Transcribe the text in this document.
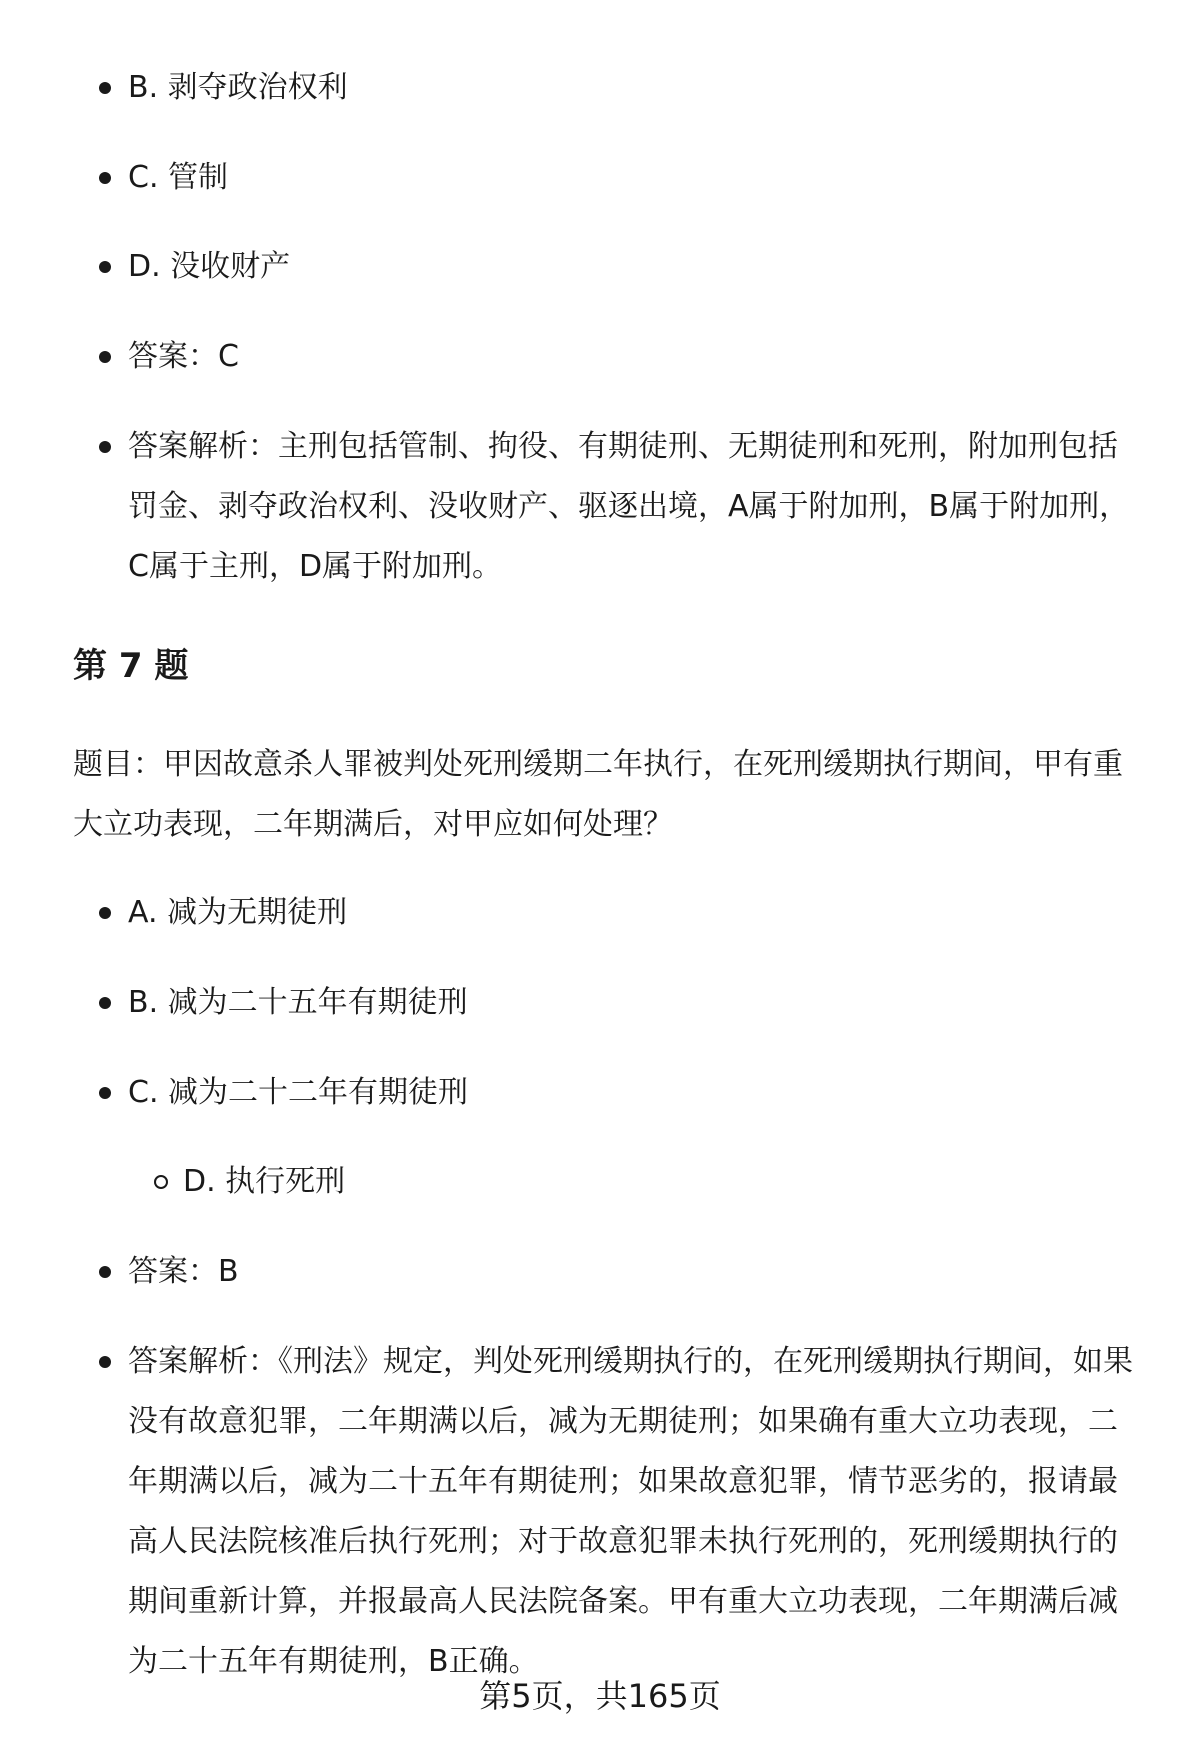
B. 剥夺政治权利
C. 管制
D. 没收财产
答案：C
答案解析：主刑包括管制、拘役、有期徒刑、无期徒刑和死刑，附加刑包括罚金、剥夺政治权利、没收财产、驱逐出境，A属于附加刑，B属于附加刑，C属于主刑，D属于附加刑。
第 7 题
题目：甲因故意杀人罪被判处死刑缓期二年执行，在死刑缓期执行期间，甲有重大立功表现，二年期满后，对甲应如何处理？
A. 减为无期徒刑
B. 减为二十五年有期徒刑
C. 减为二十二年有期徒刑
D. 执行死刑
答案：B
答案解析：《刑法》规定，判处死刑缓期执行的，在死刑缓期执行期间，如果没有故意犯罪，二年期满以后，减为无期徒刑；如果确有重大立功表现，二年期满以后，减为二十五年有期徒刑；如果故意犯罪，情节恶劣的，报请最高人民法院核准后执行死刑；对于故意犯罪未执行死刑的，死刑缓期执行的期间重新计算，并报最高人民法院备案。甲有重大立功表现，二年期满后减为二十五年有期徒刑，B正确。
第5页，共165页
